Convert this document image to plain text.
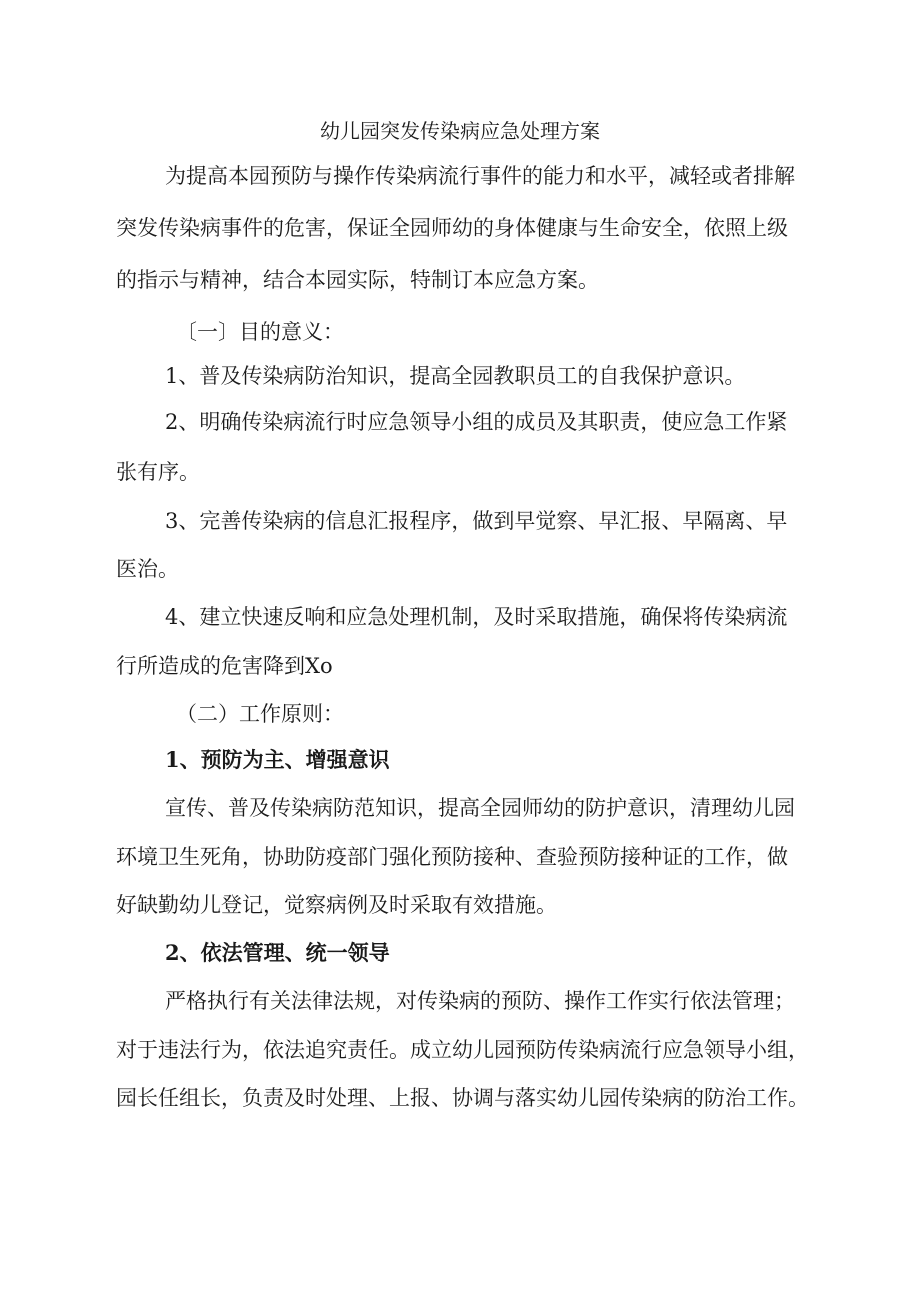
幼儿园突发传染病应急处理方案
为提高本园预防与操作传染病流行事件的能力和水平，减轻或者排解
突发传染病事件的危害，保证全园师幼的身体健康与生命安全，依照上级
的指示与精神，结合本园实际，特制订本应急方案。
〔一〕目的意义：
1、普及传染病防治知识，提高全园教职员工的自我保护意识。
2、明确传染病流行时应急领导小组的成员及其职责，使应急工作紧
张有序。
3、完善传染病的信息汇报程序，做到早觉察、早汇报、早隔离、早
医治。
4、建立快速反响和应急处理机制，及时采取措施，确保将传染病流
行所造成的危害降到Xo
（二）工作原则：
1、预防为主、增强意识
宣传、普及传染病防范知识，提高全园师幼的防护意识，清理幼儿园
环境卫生死角，协助防疫部门强化预防接种、查验预防接种证的工作，做
好缺勤幼儿登记，觉察病例及时采取有效措施。
2、依法管理、统一领导
严格执行有关法律法规，对传染病的预防、操作工作实行依法管理；
对于违法行为，依法追究责任。成立幼儿园预防传染病流行应急领导小组，
园长任组长，负责及时处理、上报、协调与落实幼儿园传染病的防治工作。
